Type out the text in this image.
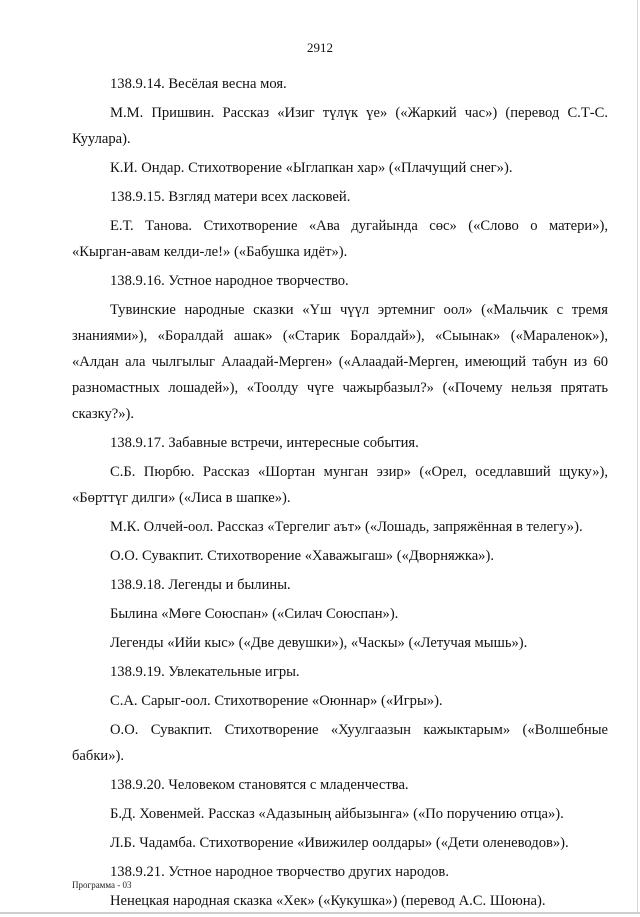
2912

138.9.14. Весёлая весна моя.

М.М. Пришвин. Рассказ «Изиг түлүк үе» («Жаркий час») (перевод С.Т-С. Куулара).

К.И. Ондар. Стихотворение «Ыглапкан хар» («Плачущий снег»).

138.9.15. Взгляд матери всех ласковей.

Е.Т. Танова. Стихотворение «Ава дугайында сөс» («Слово о матери»), «Кырган-авам келди-ле!» («Бабушка идёт»).

138.9.16. Устное народное творчество.

Тувинские народные сказки «Үш чүүл эртемниг оол» («Мальчик с тремя знаниями»), «Боралдай ашак» («Старик Боралдай»), «Сыынак» («Мараленок»), «Алдан ала чылгылыг Алаадай-Мерген» («Алаадай-Мерген, имеющий табун из 60 разномастных лошадей»), «Тоолду чүге чажырбазыл?» («Почему нельзя прятать сказку?»).

138.9.17. Забавные встречи, интересные события.

С.Б. Пюрбю. Рассказ «Шортан мунган эзир» («Орел, оседлавший щуку»), «Бөрттүг дилги» («Лиса в шапке»).

М.К. Олчей-оол. Рассказ «Тергелиг аът» («Лошадь, запряжённая в телегу»).

О.О. Сувакпит. Стихотворение «Хаважыгаш» («Дворняжка»).

138.9.18. Легенды и былины.

Былина «Мөге Союспан» («Силач Союспан»).

Легенды «Ийи кыс» («Две девушки»), «Часкы» («Летучая мышь»).

138.9.19. Увлекательные игры.

С.А. Сарыг-оол. Стихотворение «Оюннар» («Игры»).

О.О. Сувакпит. Стихотворение «Хуулгаазын кажыктарым» («Волшебные бабки»).

138.9.20. Человеком становятся с младенчества.

Б.Д. Ховенмей. Рассказ «Адазының айбызынга» («По поручению отца»).

Л.Б. Чадамба. Стихотворение «Ивижилер оолдары» («Дети оленеводов»).

138.9.21. Устное народное творчество других народов.

Ненецкая народная сказка «Хек» («Кукушка») (перевод А.С. Шоюна).

Программа - 03
